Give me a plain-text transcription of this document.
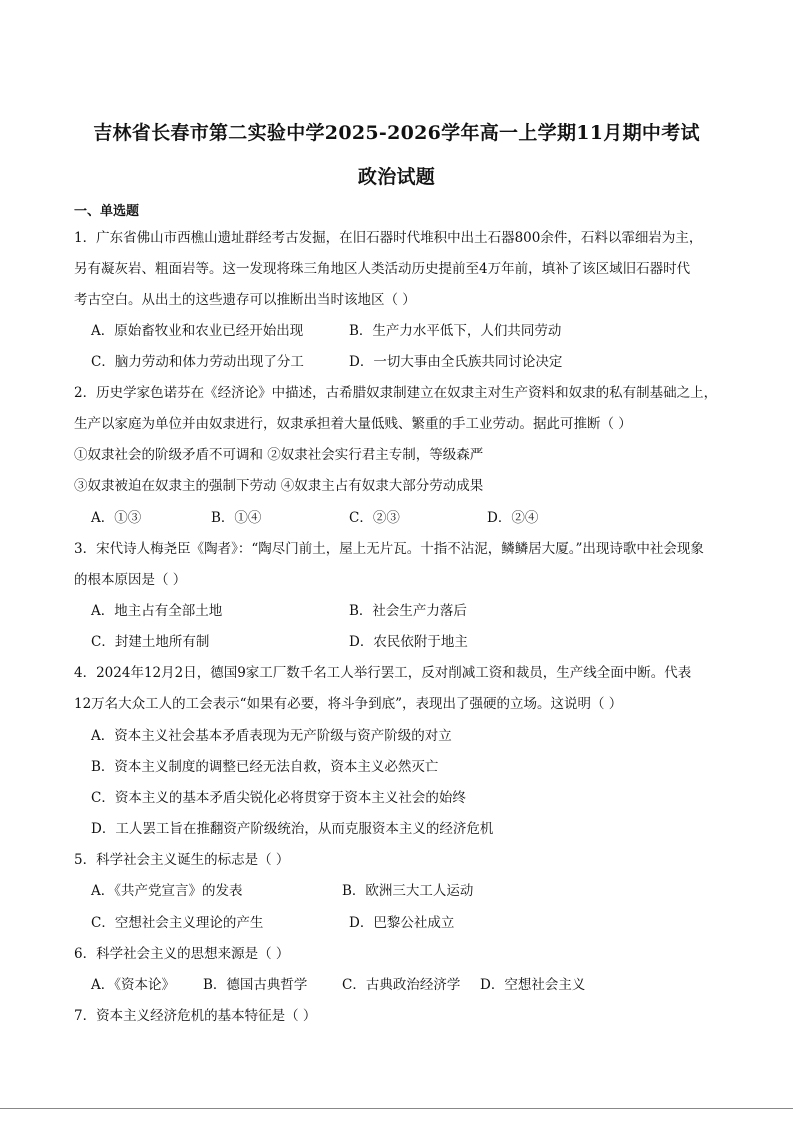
吉林省长春市第二实验中学2025-2026学年高一上学期11月期中考试
政治试题
一、单选题
1．广东省佛山市西樵山遗址群经考古发掘，在旧石器时代堆积中出土石器800余件，石料以霏细岩为主，
另有凝灰岩、粗面岩等。这一发现将珠三角地区人类活动历史提前至4万年前，填补了该区域旧石器时代
考古空白。从出土的这些遗存可以推断出当时该地区（ ）
A．原始畜牧业和农业已经开始出现	B．生产力水平低下，人们共同劳动
C．脑力劳动和体力劳动出现了分工	D．一切大事由全氏族共同讨论决定
2．历史学家色诺芬在《经济论》中描述，古希腊奴隶制建立在奴隶主对生产资料和奴隶的私有制基础之上，
生产以家庭为单位并由奴隶进行，奴隶承担着大量低贱、繁重的手工业劳动。据此可推断（ ）
①奴隶社会的阶级矛盾不可调和 ②奴隶社会实行君主专制，等级森严
③奴隶被迫在奴隶主的强制下劳动 ④奴隶主占有奴隶大部分劳动成果
A．①③	B．①④	C．②③	D．②④
3．宋代诗人梅尧臣《陶者》：“陶尽门前土，屋上无片瓦。十指不沾泥，鳞鳞居大厦。”出现诗歌中社会现象
的根本原因是（ ）
A．地主占有全部土地	B．社会生产力落后
C．封建土地所有制	D．农民依附于地主
4．2024年12月2日，德国9家工厂数千名工人举行罢工，反对削减工资和裁员，生产线全面中断。代表
12万名大众工人的工会表示“如果有必要，将斗争到底”，表现出了强硬的立场。这说明（ ）
A．资本主义社会基本矛盾表现为无产阶级与资产阶级的对立
B．资本主义制度的调整已经无法自救，资本主义必然灭亡
C．资本主义的基本矛盾尖锐化必将贯穿于资本主义社会的始终
D．工人罢工旨在推翻资产阶级统治，从而克服资本主义的经济危机
5．科学社会主义诞生的标志是（ ）
A．《共产党宣言》的发表	B．欧洲三大工人运动
C．空想社会主义理论的产生	D．巴黎公社成立
6．科学社会主义的思想来源是（ ）
A．《资本论》 B．德国古典哲学	C．古典政治经济学 D．空想社会主义
7．资本主义经济危机的基本特征是（ ）
